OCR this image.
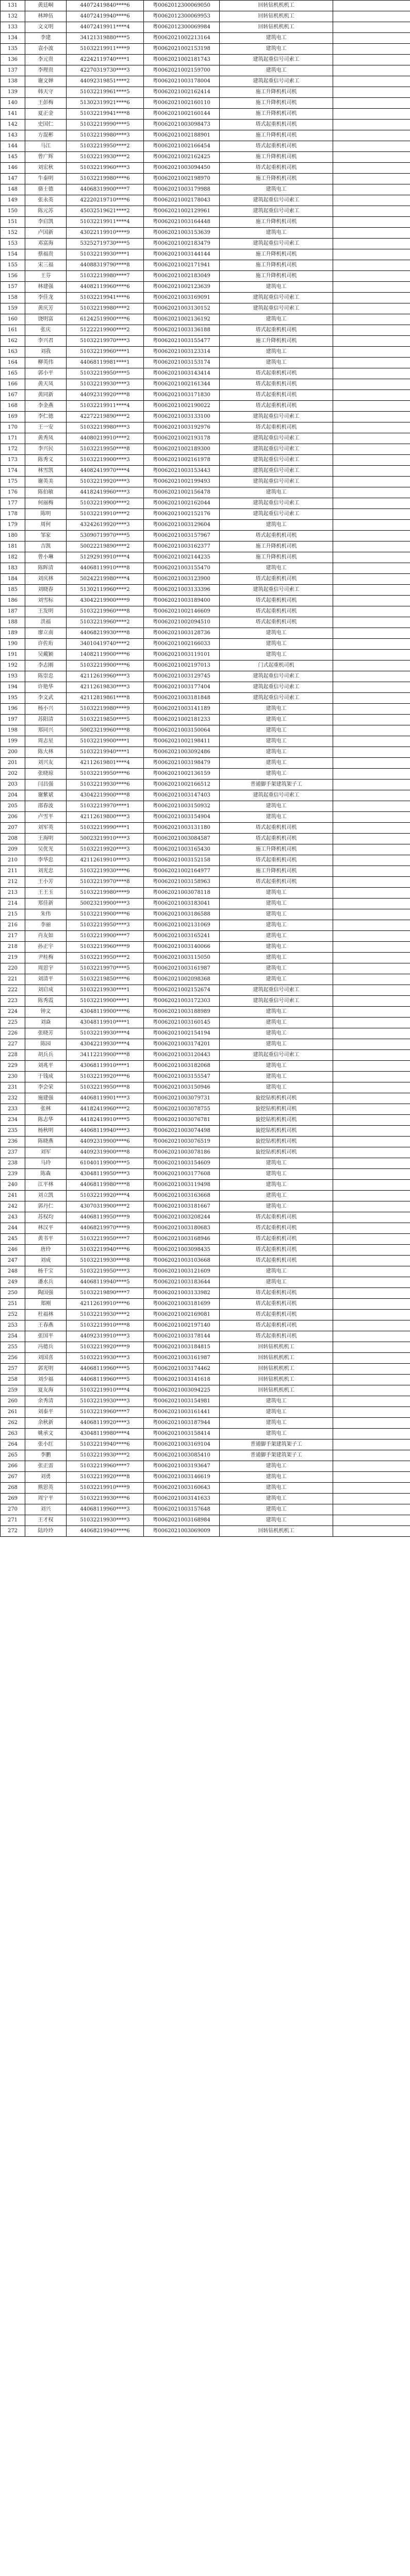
131	黄廷峒	44072419840****6	粤0062012300069050	回转钻机机机工	
132	林坤伍	44072419940****6	粤0062012300069953	回转钻机机机工	
133	文义明	44072419911****4	粤0062012300069984	回转钻机机机工	
134	李建	34121319880****5	粤0062021002213164	建筑电工	
135	袁小波	51032219911****9	粤0062021002153198	建筑电工	
136	李元贵	42242119740****1	粤0062021002181743	建筑起重信号司索工	
137	李理贵	42270319730****3	粤0062021002159700	建筑电工	
138	谢文婵	44092319851****2	粤0062021003178004	建筑起重信号司索工	
139	韩天守	51032219961****5	粤0062021002162414	施工升降机机司机	
140	王彭梅	51302319921****6	粤0062021002160110	施工升降机机司机	
141	夏正金	51032219941****8	粤0062021002160144	施工升降机机司机	
142	史国仁	51032219990****5	粤0062021003098473	塔式起重机机司机	
143	方混彬	51032219980****3	粤0062021002188901	施工升降机机司机	
144	马江	51032219950****2	粤0062021002166454	塔式起重机机司机	
145	曾广辉	51032219930****2	粤0062021002162425	施工升降机机司机	
146	刘宏秋	51032219960****3	粤0062021003094450	塔式起重机机司机	
147	牛泰明	51032219980****6	粤0062021002198970	施工升降机机司机	
148	骆士德	44068319900****7	粤0062021003179988	建筑电工	
149	张永英	42220219710****6	粤0062021002178043	建筑起重信号司索工	
150	陈元苏	45032519621****2	粤0062021002129961	建筑起重信号司索工	
151	李启凯	51032219911****4	粤0062021003164448	施工升降机机司机	
152	卢国新	43022119910****9	粤0062021003153639	建筑电工	
153	邓富海	53252719730****5	粤0062021002183479	建筑起重信号司索工	
154	蔡福贵	51032219930****1	粤0062021003144144	施工升降机机司机	
155	宋三福	44088319790****8	粤0062021002171941	施工升降机机司机	
156	王芬	51032219980****7	粤0062021002183049	施工升降机机司机	
157	林建强	44082119960****6	粤0062021002123639	建筑电工	
158	李佳龙	51032219941****6	粤0062021003169091	建筑起重信号司索工	
159	黄庆芳	51032219980****2	粤0062021003130152	建筑起重信号司索工	
160	饶明富	61242519900****6	粤0062021002136192	建筑电工	
161	张庆	51222219900****2	粤0062021003136188	塔式起重机机司机	
162	李兴君	51032219970****3	粤0062021003155477	施工升降机机司机	
163	刘我	51032219960****1	粤0062021003123314	建筑电工	
164	柳英伟	44068119981****1	粤0062021003153174	建筑电工	
165	郭小平	51032219950****5	粤0062021003143414	塔式起重机机司机	
166	黄天凤	51032219930****3	粤0062021002161344	塔式起重机机司机	
167	黄同新	44092319920****8	粤0062021003171830	塔式起重机机司机	
168	李金燕	51032219911****4	粤0062021002190022	塔式起重机机司机	
169	李仁德	42272219890****2	粤0062021003133100	建筑起重信号司索工	
170	王一安	51032219980****3	粤0062021003192976	塔式起重机机司机	
171	黄秀凤	44080219910****2	粤0062021002193178	建筑起重信号司索工	
172	李兴民	51032219950****8	粤0062021002189300	建筑起重信号司索工	
173	陈秀义	51032219900****3	粤0062021002161978	建筑起重信号司索工	
174	林雪凯	44082419970****4	粤0062021003153443	建筑起重信号司索工	
175	谢英美	51032219920****3	粤0062021002199493	建筑起重信号司索工	
176	陈伯敏	44182419960****3	粤0062021002156478	建筑电工	
177	何丽梅	51032219900****2	粤0062021002162044	建筑起重信号司索工	
178	陈明	51032219910****2	粤0062021002152176	建筑起重信号司索工	
179	周何	43242619920****3	粤0062021003129604	建筑电工	
180	邹家	53090719970****5	粤0062021003157967	塔式起重机机司机	
181	吉凯	50022219890****2	粤0062021003162377	施工升降机机司机	
182	曾小琳	51292919910****4	粤0062021002144235	施工升降机机司机	
183	陈晖清	44068119910****8	粤0062021003155470	建筑电工	
184	刘庆林	50242219980****4	粤0062021003123900	塔式起重机机司机	
185	刘晓春	51302119960****2	粤0062021003133396	建筑起重信号司索工	
186	刘雪标	43042219900****9	粤0062021003189400	塔式起重机机司机	
187	王发明	51032219960****8	粤0062021002146609	塔式起重机机司机	
188	洪福	51032219960****2	粤0062021002094510	塔式起重机机司机	
189	廖立南	44068219930****8	粤0062021003128736	建筑电工	
190	许佐珩	34010419740****2	粤0062021002166033	建筑电工	
191	吴戴颖	14082119900****6	粤0062021003119101	建筑电工	
192	李志刚	51032219900****6	粤0062021002197013	门式起重机司机	
193	陈崇忠	42112619960****3	粤0062021003129745	建筑起重信号司索工	
194	许艳华	42112619830****3	粤0062021003177404	建筑起重信号司索工	
195	李文武	42112819861****8	粤0062021003181848	建筑起重信号司索工	
196	杨小兴	51032219980****9	粤0062021003141189	建筑电工	
197	苏阳清	51032219850****5	粤0062021002181233	建筑电工	
198	郑同兴	50023219960****8	粤0062021003150064	建筑电工	
199	周志星	51032219900****1	粤0062021002198411	建筑电工	
200	陈大林	51032219940****1	粤0062021003092486	建筑电工	
201	刘兴友	42112619801****4	粤0062021003198479	建筑电工	
202	张晓琼	51032219950****6	粤0062021002136159	建筑电工	
203	闫昌强	51032219930****6	粤0062021002166512	普通脚手架建筑架子工	
204	谢紫斌	43042219900****8	粤0062021003147403	建筑起重信号司索工	
205	邵春波	51032219970****1	粤0062021003150932	建筑电工	
206	卢雪平	42112619800****3	粤0062021003154904	建筑电工	
207	刘军英	51032219990****1	粤0062021003131180	塔式起重机机司机	
208	王海明	50023219910****3	粤0062021003084587	塔式起重机机司机	
209	吴优光	51032219920****3	粤0062021003165430	施工升降机机司机	
210	李华忠	42112619910****3	粤0062021003152158	塔式起重机机司机	
211	刘光忠	51032219930****6	粤0062021002164977	施工升降机机司机	
212	王小芳	51032219970****8	粤0062021003158963	塔式起重机机司机	
213	王王玉	51032219980****9	粤0062021003078118	建筑电工	
214	郑佳新	50023219900****3	粤0062021003183041	建筑电工	
215	朱伟	51032219900****6	粤0062021003186588	建筑电工	
216	李丽	51032219950****3	粤0062021002131069	建筑电工	
217	肖友如	51032219900****7	粤0062021003165241	建筑电工	
218	孙正宇	51032219960****9	粤0062021003140066	建筑电工	
219	尹桂梅	51032219950****2	粤0062021003115050	建筑电工	
220	周思宇	51032219970****5	粤0062021003161987	建筑电工	
221	刘清平	51032219850****6	粤0062021002098368	建筑电工	
222	刘启成	51032219930****1	粤0062021002152674	建筑起重信号司索工	
223	陈秀霞	51032219900****1	粤0062021003172303	建筑起重信号司索工	
224	钟文	43048119900****6	粤0062021003188989	建筑电工	
225	刘焱	43048119910****1	粤0062021003160145	建筑电工	
226	张晓芳	51032219930****4	粤0062021002154194	建筑电工	
227	陈园	43042219930****4	粤0062021003174201	建筑电工	
228	胡兵兵	34112219900****8	粤0062021003120443	建筑起重信号司索工	
229	刘兆平	43068119910****1	粤0062021003182068	建筑电工	
230	于钱成	51032219920****6	粤0062021003155547	建筑电工	
231	李会荣	51032219950****8	粤0062021003150946	建筑电工	
232	施建强	44068119901****3	粤0062021003079731	旋挖钻机机机司机	
233	张林	44182419960****2	粤0062021003078755	旋挖钻机机机司机	
234	陈志华	44182419910****5	粤0062021003076781	旋挖钻机机机司机	
235	杨秋明	44068119940****3	粤0062021003074498	旋挖钻机机机司机	
236	陈晓燕	44092319900****6	粤0062021003076519	旋挖钻机机机司机	
237	刘军	44092319900****8	粤0062021003078186	旋挖钻机机机司机	
238	马玲	61040119900****5	粤0062021003154609	建筑电工	
239	陈森	43048119950****3	粤0062021003177608	建筑电工	
240	江平林	44068119980****8	粤0062021003119498	建筑电工	
241	刘立凯	51032219920****4	粤0062021003163668	建筑电工	
242	郭丹仁	43070319900****2	粤0062021003181667	建筑电工	
243	苏权均	44068119950****9	粤0062021003208244	塔式起重机机司机	
244	林汉平	44068219970****9	粤0062021003180683	塔式起重机机司机	
245	黄书平	51032219950****7	粤0062021003168946	塔式起重机机司机	
246	唐玲	51032219940****6	粤0062021003098435	塔式起重机机司机	
247	刘成	51032219930****8	粤0062021003103668	塔式起重机机司机	
248	杨千宝	51032219950****3	粤0062021003121609	建筑电工	
249	潘水兵	44068119940****5	粤0062021003183644	建筑电工	
250	陶国强	51032219890****7	粤0062021003133982	塔式起重机机司机	
251	郑刚	42112619910****6	粤0062021003181699	塔式起重机机司机	
252	杜福林	51032219930****2	粤0062021002169081	塔式起重机机司机	
253	王春燕	51032219910****8	粤0062021002197140	塔式起重机机司机	
254	张国平	44092319910****3	粤0062021003178144	塔式起重机机司机	
255	冯德兵	51032219920****9	粤0062021003184815	回转钻机机机工	
256	刘国喜	51032219930****3	粤0062021003161987	回转钻机机机工	
257	郭光明	44068119960****5	粤0062021003174462	回转钻机机机工	
258	刘少福	44068119960****5	粤0062021003141618	回转钻机机机工	
259	夏友海	51032219910****4	粤0062021003094225	回转钻机机机工	
260	余秀清	51032219930****3	粤0062021003154981	建筑电工	
261	刘泰平	51032219960****7	粤0062021003161441	建筑电工	
262	余秋新	44068119920****3	粤0062021003187944	建筑电工	
263	姚承文	43048119980****4	粤0062021003158414	建筑电工	
264	张小红	51032219940****6	粤0062021003169104	普通脚手架建筑架子工	
265	李鹏	51032219930****2	粤0062021003085410	普通脚手架建筑架子工	
266	张正雷	51032219960****7	粤0062021003193647	建筑电工	
267	刘勇	51032219920****8	粤0062021003146619	建筑电工	
268	熊思英	51032219910****9	粤0062021003160643	建筑电工	
269	周宁平	51032219930****6	粤0062021003141633	建筑电工	
270	刘兴	44068119960****3	粤0062021003157648	建筑电工	
271	王才权	51032219930****3	粤0062021003168984	建筑电工	
272	陆玲玲	44068219940****6	粤0062021003069009	回转钻机机机工	
